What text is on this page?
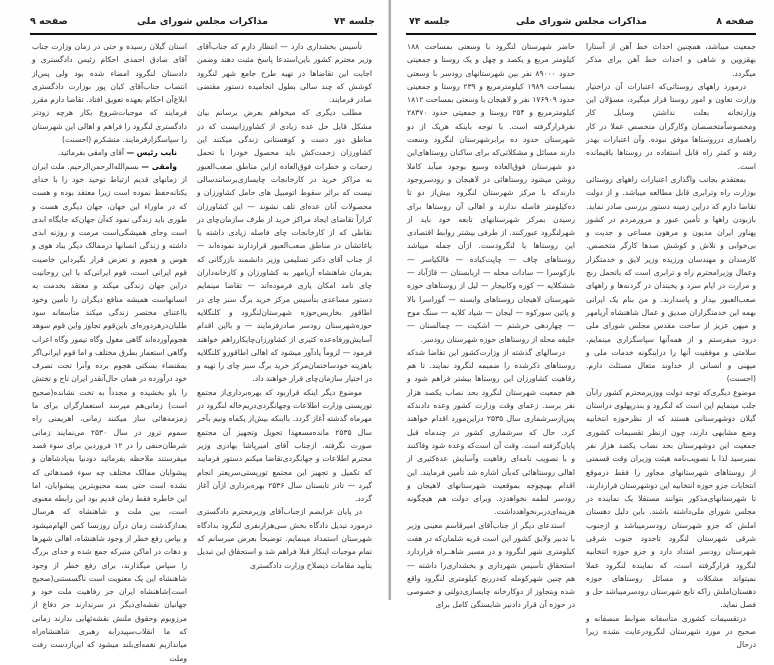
جلسه ۷۴
مذاکرات مجلس شورای ملی
صفحه ۹

تأسیس بخشداری دارد — انتظار دارم که جناب‌آقای وزیر محترم کشور باین‌استدعا پاسخ مثبت دهند وضمن اجابت این تقاضاها در تهیه طرح جامع شهر لنگرود کوشش که چند سالی بطول انجامیده دستور مقتضی صادر فرمایند.

مطلب دیگری که میخواهم بعرض برسانم بیان مشکل قابل حل عده زیادی از کشاورزانیست که در مناطق دور دست و کوهستانی زندگی میکنند این کشاورزان زحمت‌کش باید محصول خودرا با تحمل زحمات و خطرات فوق‌العاده ازاین مناطق صعب‌العبور به مراکز خرید در کارخانجات چایسازی‌برسانندسالی نیست که براثر سقوط اتومبیل های حامل کشاورزان و محصولات آنان عده‌ای تلف نشوند — این کشاورزان کراراً تقاضای ایجاد مراکز خرید از طرف سازمان‌چای در نقاطی که از کارخانجات چای فاصله زیادی داشته یا باغاتشان در مناطق صعب‌العبور قراردارند نموده‌اند — از جناب آقای دکتر تسلیمی وزیر دانشمند بازرگانی که بفرمان شاهنشاه آریامهر به کشاورزان و کارخانه‌داران چای تامد امکان یاری فرموده‌اند — تقاضا مینمایم دستور مساعدی بتأسیس مرکز خرید برگ سبز چای در اطاقور بخاربس‌حوزه شهرستان‌لنگرود و کلنگلایه حوزه‌شهرستان رودسر صادرفرمایند — و بااین اقدام آسایش‌ورفاه‌عده کثیری از کشاورزان‌چایکارراهم خواهند فرمود — لزوماً یادآور میشود که اهالی اطاقورو کلنگلایه باهزینه خودساختمان‌مرکز خرید برگ سبز چای را تهیه و در اختیار سازمان‌چای قرار خواهند داد.

موضوع دیگر اینکه قراربود که بهره‌برداری‌از مجتمع توریستی وزارت اطلاعات وجهانگردی‌دریم‌خاله لنگرود در مهرماه گذشته آغاز گردد. بااینکه بیش‌از یکماه ونیم بآخر سال ۲۵۳۵ مانده‌مسعهذا تحویل وتجهیز آن مجتمع صورت نگرفته. ازجناب آقای امیرپاشا بهادری وزیر محترم اطلاعات و جهانگردی‌تقاضا میکنم دستور فرمایند که تکمیل و تجهیز این مجتمع توریستی‌سریعتر انجام گیرد — تادر تابستان سال ۲۵۳۶ بهره‌برداری ازآن آغاز گردد.

در پایان عرایضم ازجناب‌آقای وزیرمحترم دادگستری درمورد تبدیل دادگاه بخش سی‌هزارنفری لنگرود بدادگاه شهرستان استمداد مینمایم. توضیحاً بعرض میرسانم که تمام موجبات اینکار قبلا فراهم شد و استحقاق این تبدیل بتأیید مقامات ذیصلاح وزارت دادگستری

استان گیلان رسیده و حتی در زمان وزارت جناب آقای صادق احمدی احکام رئیس دادگستری و دادستان لنگرود امضاء شده بود ولی پس‌از انتصاب جناب‌آقای کیان پور بوزارت دادگستری ابلاغ‌آن احکام بعهده تعویق افتاد. تقاضا دارم مقرر فرمایند که موجبات‌شروع بکار هرچه زودتر دادگستری لنگرود را فراهم و اهالی این شهرستان را سپاسگزارفرمایند. متشکرم (احسنت)

نایب رئیس — آقای وامقی بفرمائید.

وامقی — بسم‌الله‌الرحمن‌الرحیم. ملت ایران از زمانهای قدیم ارتباط توحید خود را با خدای یکتانه‌حفظ نموده است زیرا معتقد بوده و هست که در ماوراء این جهان، جهان دیگری هست و طوری باید زندگی نمود که‌آن جهان‌که جایگاه ابدی است وجای همیشگی‌است مرمت و روزنه ابدی داشته و زندگی انسانها درممالک دیگر بباد هوی و هوس و هجوم و تعرض قرار نگیرداین خاصیت قوم ایرانی است، قوم ایرانی‌که با این روحانیت دراین جهان زندگی میکند و معتقد بخدمت به انسانهاست همیشه منافع دیگران را تأمین وخود بااعتنای مختصر زندگی میکند متأسفانه سود طلبان‌درهردوره‌ای باین‌قوم تجاوز واین قوم سوهد هجوم‌آورده‌اند گاهی مغول وگاه تیمور وگاه اعراب وگاهی استعمار بطرق مختلف و اما قوم ایرانی‌اگر بمقتضاء بسکتی هجوم برده وآنرا تحت تصرف خود درآورده در همان حال‌آنقدر ایران تاج و تختش را باو بخشیده و مجدداً به تخت نشانده(صحیح است) زمانی‌هم میرسد استعمارگران برای ما زمزمه‌هائی ساز میکنند زمانی، اهریمنی راه سموم ترور در سال ۲۵۳۰ می‌نمایند زمانی شرطان‌حنفی را در ۱۲ فروردین برای سوء قصد میفرستند ملاحظه بفرمائید دودنیا به‌پادشاهان و پیشوایان ممالک مختلف چه سوء قصدهائی که نشده است حتی بسه محبوبترین پیشوایان، اما این خاطره فقط زمان قدیم بود این رابطه معنوی است، بین ملت و شاهنشاه که هرسال بعدازگذشت زمان درآن روزنسا کمن الهام‌میشود و بپاس رفع خطر از وجود شاهنشاه، اهالی شهرها و دهات در اماکن متبرکه جمع شده و خدای بزرگ را سپاس میگذارند، برای رفع خطر از وجود شاهنشاه این یک معنویت است ناگسستنی(صحیح است)شاهنشاه ایران جز رفاهیت ملت خود و جهانیان نقشه‌ای‌دیگر در سرندارند جز دفاع از مرزوبوم وحقوق ملتش نقشه‌ئهایی ندارند زمانی که ما انقلاب‌سپیدرابه رهبری شاهنشاه‌راه میاندازیم نغمه‌ای‌بلند میشود که این‌ازدست رفت وملت

صفحه ۸
مذاکرات مجلس شورای ملی
جلسه ۷۴

جمعیت میباشد، همچنین احداث خط آهن از آستارا بهقزوین و شاهی و احداث خط آهن برای مذکر میگردد.

درمورد راههای روستائی‌که اعتبارات آن دراختیار وزارت تعاون و امور روستا قرار میگیرد، مسؤلان این وزارتخانه بعلت نداشتن وسایل کار ومخصوصاً‌متخصصان وکارگران متخصص عملا در کار راهسازی درروستاها موفق نبوده. وآن اعتبارات بهدر رفته و کمتر راه قابل استفاده در روستاها باقیمانده است.

بمعتقدم بجانب واگذاری اعتبارات راههای روستائی بوزارت راه وترابری قابل مطالعه میباشد. و از دولت تقاضا دارم که دراین زمینه دستور بررسی صادر نماید. بازبودن راهها و تأمین عبور و مرورمردم در کشور پهناور ایران مدیون و مرهون مساعی و جدیت و بی‌خوابی و تلاش و کوشش صدها کارگر متخصص. کارمندان و مهندسان ورزیده وزیر لایق و خدمتگزار وعمال وزیرامحترم راه و ترابری است که باتحمل رنج و مرارت در ایام سرد و یخبندان در گردنه‌ها و راههای صعب‌العبور بیدار و پاسدارند. و من بنام یک ایرانی بهمه این خدمتگزاران صدیق و عمال شاهنشاه آریامهر و میهن عزیز از ساحت مقدس مجلس شورای ملی درود میفرستم و از همه‌آنها سپاسگزاری مینمایم، سلامتی و موفقیت آنها را دراینگونه خدمات ملی و میهنی و انسانی از خداوند متعال مسئلت دارم. (احسنت)

موضوع دیگری‌که توجه دولت ووزیرمحترم کشور رابآن جلب مینمایم این است که لنگرود و بندرپهلوی دراستان گیلان دوشهرستانی هستند که از نظرحوزه انتخابیه وضع مشابهی دارند، چون ازنظر تقسیمات کشوری جمعیت این دوشهرستان بحد نصاب یکصد هزار نفر نمیرسید لذا با تصویب‌نامه هیئت وزیران وقت قسمتی از روستاهای شهرستانهای مجاور را فقط درموقع انتخابات جزو حوزه انتخابیه این دوشهرستان قراردارند، تا شهرستانهای‌مذکور بتوانند مستقلا یک نماینده در مجلس شورای ملی‌داشته باشند. باین دلیل دهستان املش که جزو شهرستان رودسرمیباشد و ازجنوب شرقی شهرستان لنگرود تاحدود جنوب شرقی شهرستان رودسر امتداد دارد و جزو حوزه انتخابیه لنگرود قرارگرفته است، که نماینده لنگرود عملا نمیتواند مشکلات و مسائل روستاهای حوزه دهستان‌املش راکه تابع شهرستان رودسرمیباشد حل و فصل نماید.

درتقسیمات کشوری متأسفانه ضوابط منصفانه و صحیح در مورد شهرستان لنگرودرعایت نشده زیرا درحال

حاضر شهرستان لنگرود با وسعتی بمساحت ۱۸۸ کیلومتر مربع و یکصد و چهل و یک روستا و جمعیتی حدود ۸۹۰۰۰ نفر بین شهرستانهای رودسر با وسعتی بمساحت ۱۹۸۹ کیلومترمربع و ۲۳۹ روستا و جمعیتی حدود ۱۷۶۹۰۹ نفر و لاهیجان با وسعتی بمساحت ۱۸۱۲ کیلومترمربع و ۲۵۴ روستا و جمعیتی حدود ۲۸۳۷۰ نفرقرارگرفته است. با توجه باینکه هریک از دو شهرستان حدود ده برابرشهرستان لنگرود وسعت دارند مسائل و مشکلاتی‌که برای ساکنان روستاهای‌این دو شهرستان فوق‌العاده وسیع بوجود میآید کاملا روشن میشود روستاهائی در لاهیجان و رودسروجود دارندکه با مرکز شهرستان لنگرود بیش‌از دو تا ده‌کیلومتر فاصله ندارند و اهالی آن روستاها برای رسیدن بمرکز شهرستانهای تابعه خود باید از شهرلنگرود عبورکنند. از طرفی بیشتر روابط اقتصادی این روستاها با لنگرودست. ازآن جمله میباشد روستاهای چاف — چاپت‌کیاده — قالکیاسر — بازکوسرا — سادات محله — اربابستان — قاژآباد — ششکلایه — کوره وکابیجار — لیل از روستاهای حوزه شهرستان لاهیجان روستاهای وابسته — گوراسرا بالا و پائین سورکوه — لیجان — شیاد کلایه — سنگ موج — چهاردهی خرشتم — اشکیت — چمالستان — خلیفه محله از روستاهای حوزه شهرستان رودسر.

درسالهای گذشته از وزارت‌کشور این تقاضا شد‌که روستاهای ذکرشده را ضمیمه لنگرود نمایند. تا هم رفاهیت کشاورزان این روستاها بیشتر فراهم شود و هم جمعیت شهرستان لنگرود بحد نصاب یکصد هزار نفر برسد. زعمای وقت وزارت کشور وعده دادندکه پس‌ازسرشماری سال ۲۵۳۵ دراین‌مورد اقدام خواهند کرد. حال که سرشماری کشور در چندماه قبل پایان‌گرفته است. وقت آن است‌که وعده شود وفاکنند و با تصویب نامه‌ای رفاهیت وآسایش عدةکثیری از اهالی روستاهائی که‌بآن اشاره شد تأمین فرمایند. این اقدام بهیچوجه بموقعیت شهرستانهای لاهیجان و رودسر لطمه نخواهدزد. وبرای دولت هم هیچگونه هزینه‌ای‌دربرنخواهدداشت.

استدعای دیگر از جناب‌آقای امیرقاسم معینی وزیر با تدبیر ولایق کشور این است قریه شلمان‌که در هفت کیلومتری شهر لنگرود و در مسیر شاهــراه قراردارد استحقاق تأسیس شهرداری و بخشداری‌را داشته — هم چنین شهرکومله که‌دررنج کیلومتری لنگرود واقع شده وبتجاوز از دوکارخانه چایسازی‌دولتی و خصوصی در حوزه آن قرار دادنیز شایستگی کامل برای
